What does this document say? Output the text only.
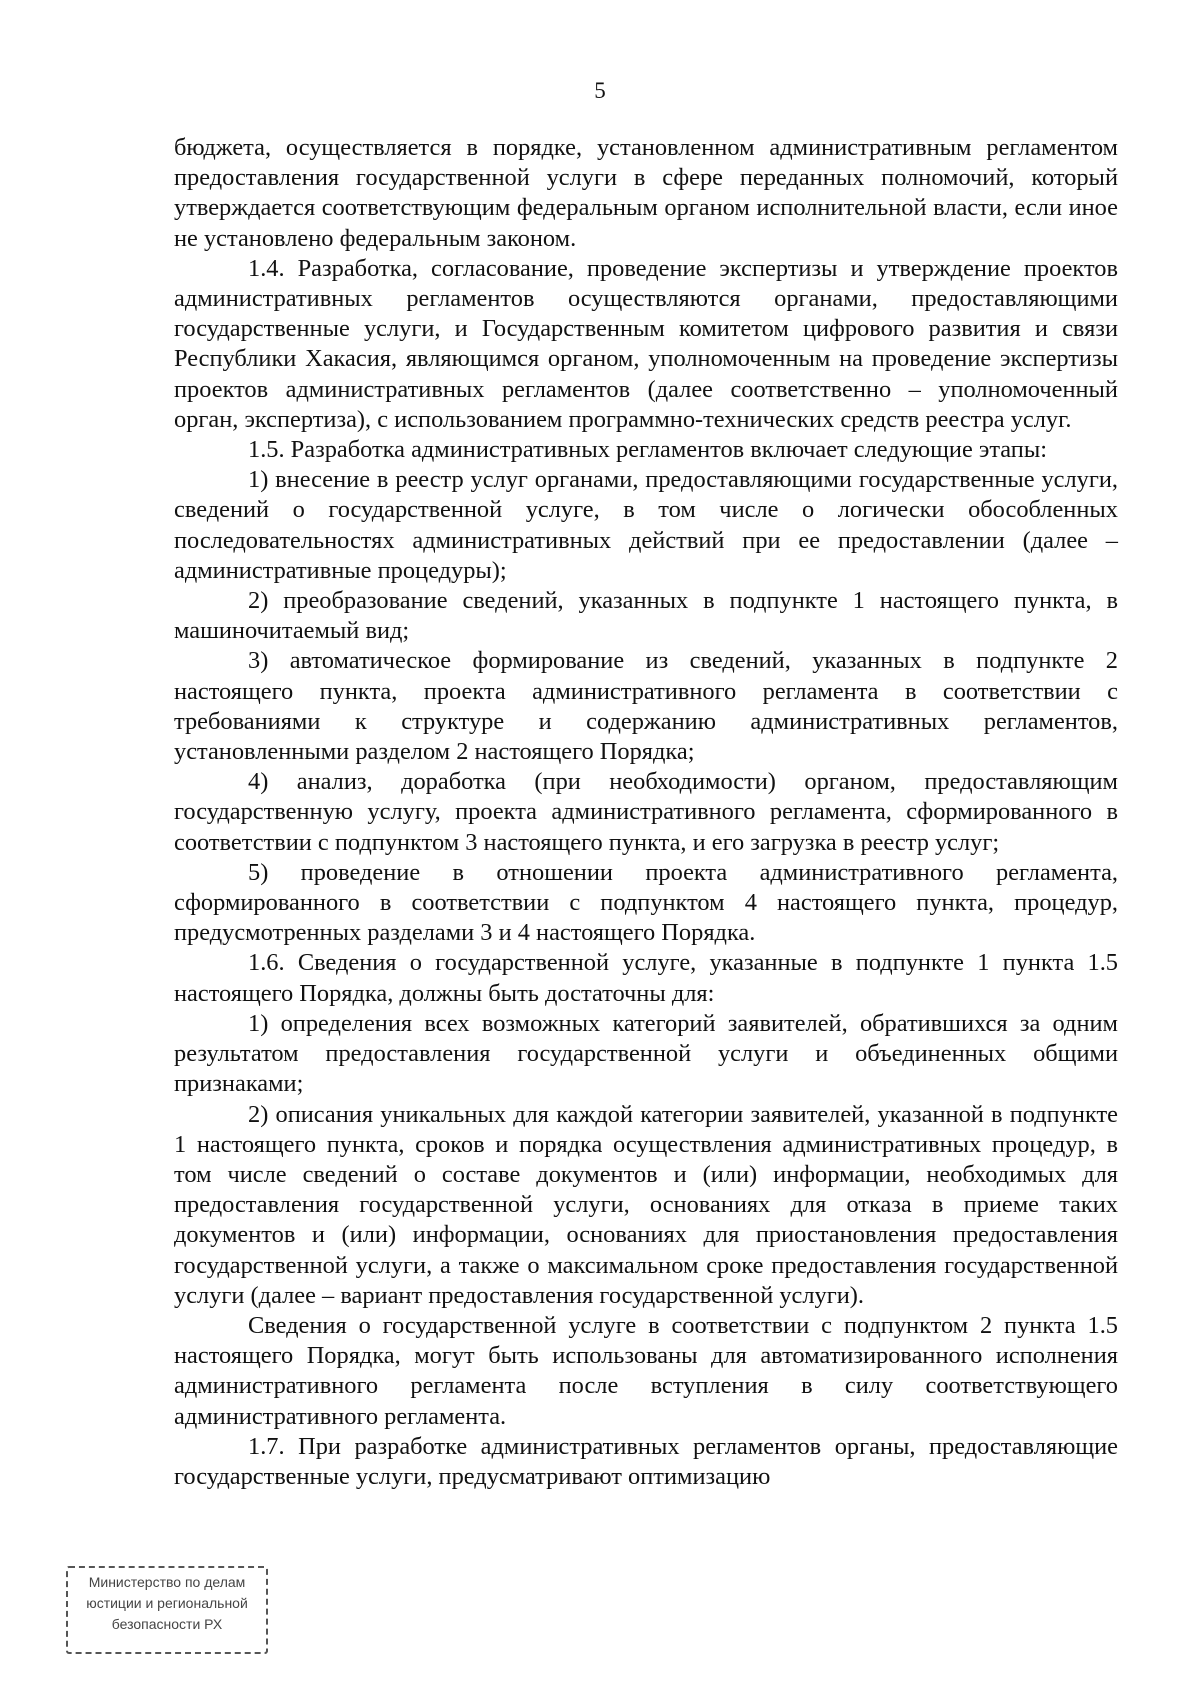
5

бюджета, осуществляется в порядке, установленном административным регламентом предоставления государственной услуги в сфере переданных полномочий, который утверждается соответствующим федеральным органом исполнительной власти, если иное не установлено федеральным законом.

1.4. Разработка, согласование, проведение экспертизы и утверждение проектов административных регламентов осуществляются органами, предоставляющими государственные услуги, и Государственным комитетом цифрового развития и связи Республики Хакасия, являющимся органом, уполномоченным на проведение экспертизы проектов административных регламентов (далее соответственно – уполномоченный орган, экспертиза), с использованием программно-технических средств реестра услуг.

1.5. Разработка административных регламентов включает следующие этапы:

1) внесение в реестр услуг органами, предоставляющими государственные услуги, сведений о государственной услуге, в том числе о логически обособленных последовательностях административных действий при ее предоставлении (далее – административные процедуры);

2) преобразование сведений, указанных в подпункте 1 настоящего пункта, в машиночитаемый вид;

3) автоматическое формирование из сведений, указанных в подпункте 2 настоящего пункта, проекта административного регламента в соответствии с требованиями к структуре и содержанию административных регламентов, установленными разделом 2 настоящего Порядка;

4) анализ, доработка (при необходимости) органом, предоставляющим государственную услугу, проекта административного регламента, сформированного в соответствии с подпунктом 3 настоящего пункта, и его загрузка в реестр услуг;

5) проведение в отношении проекта административного регламента, сформированного в соответствии с подпунктом 4 настоящего пункта, процедур, предусмотренных разделами 3 и 4 настоящего Порядка.

1.6. Сведения о государственной услуге, указанные в подпункте 1 пункта 1.5 настоящего Порядка, должны быть достаточны для:

1) определения всех возможных категорий заявителей, обратившихся за одним результатом предоставления государственной услуги и объединенных общими признаками;

2) описания уникальных для каждой категории заявителей, указанной в подпункте 1 настоящего пункта, сроков и порядка осуществления административных процедур, в том числе сведений о составе документов и (или) информации, необходимых для предоставления государственной услуги, основаниях для отказа в приеме таких документов и (или) информации, основаниях для приостановления предоставления государственной услуги, а также о максимальном сроке предоставления государственной услуги (далее – вариант предоставления государственной услуги).

Сведения о государственной услуге в соответствии с подпунктом 2 пункта 1.5 настоящего Порядка, могут быть использованы для автоматизированного исполнения административного регламента после вступления в силу соответствующего административного регламента.

1.7. При разработке административных регламентов органы, предоставляющие государственные услуги, предусматривают оптимизацию

Министерство по делам
юстиции и региональной
безопасности РХ
